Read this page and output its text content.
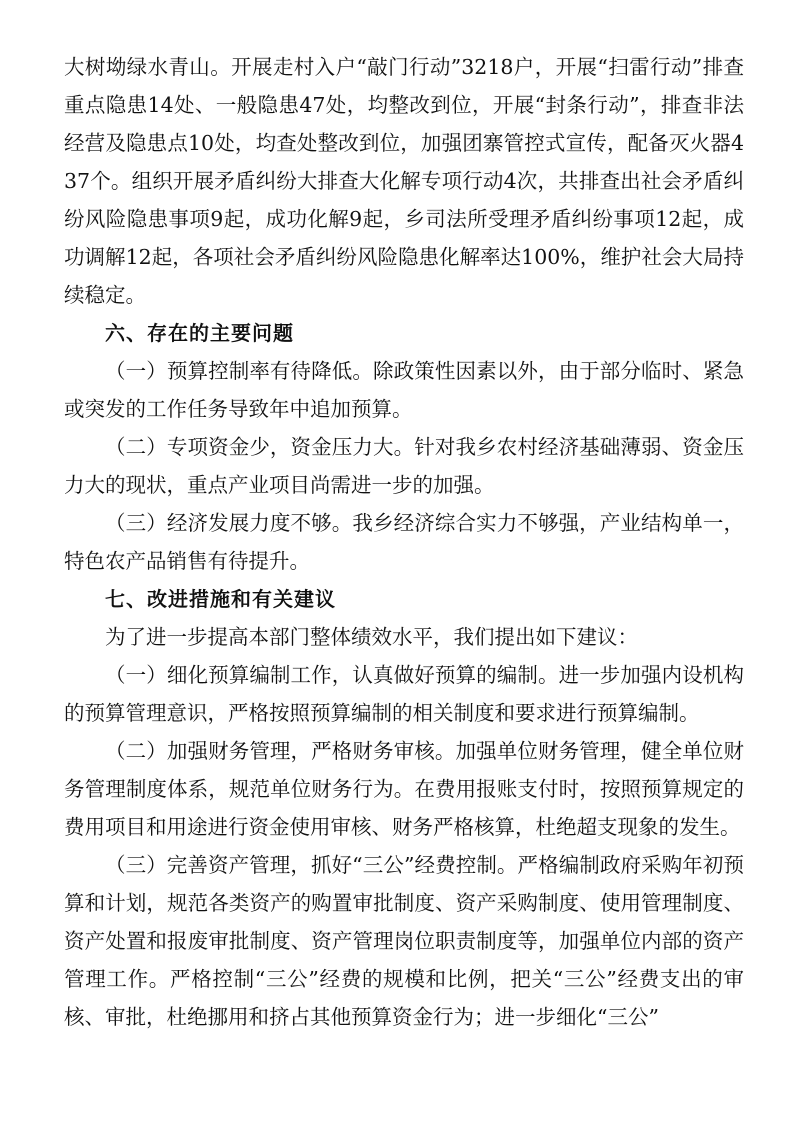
大树坳绿水青山。开展走村入户“敲门行动”3218户，开展“扫雷行动”排查重点隐患14处、一般隐患47处，均整改到位，开展“封条行动”，排查非法经营及隐患点10处，均查处整改到位，加强团寨管控式宣传，配备灭火器437个。组织开展矛盾纠纷大排查大化解专项行动4次，共排查出社会矛盾纠纷风险隐患事项9起，成功化解9起，乡司法所受理矛盾纠纷事项12起，成功调解12起，各项社会矛盾纠纷风险隐患化解率达100%，维护社会大局持续稳定。

六、存在的主要问题

（一）预算控制率有待降低。除政策性因素以外，由于部分临时、紧急或突发的工作任务导致年中追加预算。

（二）专项资金少，资金压力大。针对我乡农村经济基础薄弱、资金压力大的现状，重点产业项目尚需进一步的加强。

（三）经济发展力度不够。我乡经济综合实力不够强，产业结构单一，特色农产品销售有待提升。

七、改进措施和有关建议

为了进一步提高本部门整体绩效水平，我们提出如下建议：

（一）细化预算编制工作，认真做好预算的编制。进一步加强内设机构的预算管理意识，严格按照预算编制的相关制度和要求进行预算编制。

（二）加强财务管理，严格财务审核。加强单位财务管理，健全单位财务管理制度体系，规范单位财务行为。在费用报账支付时，按照预算规定的费用项目和用途进行资金使用审核、财务严格核算，杜绝超支现象的发生。

（三）完善资产管理，抓好“三公”经费控制。严格编制政府采购年初预算和计划，规范各类资产的购置审批制度、资产采购制度、使用管理制度、资产处置和报废审批制度、资产管理岗位职责制度等，加强单位内部的资产管理工作。严格控制“三公”经费的规模和比例，把关“三公”经费支出的审核、审批，杜绝挪用和挤占其他预算资金行为；进一步细化“三公”
